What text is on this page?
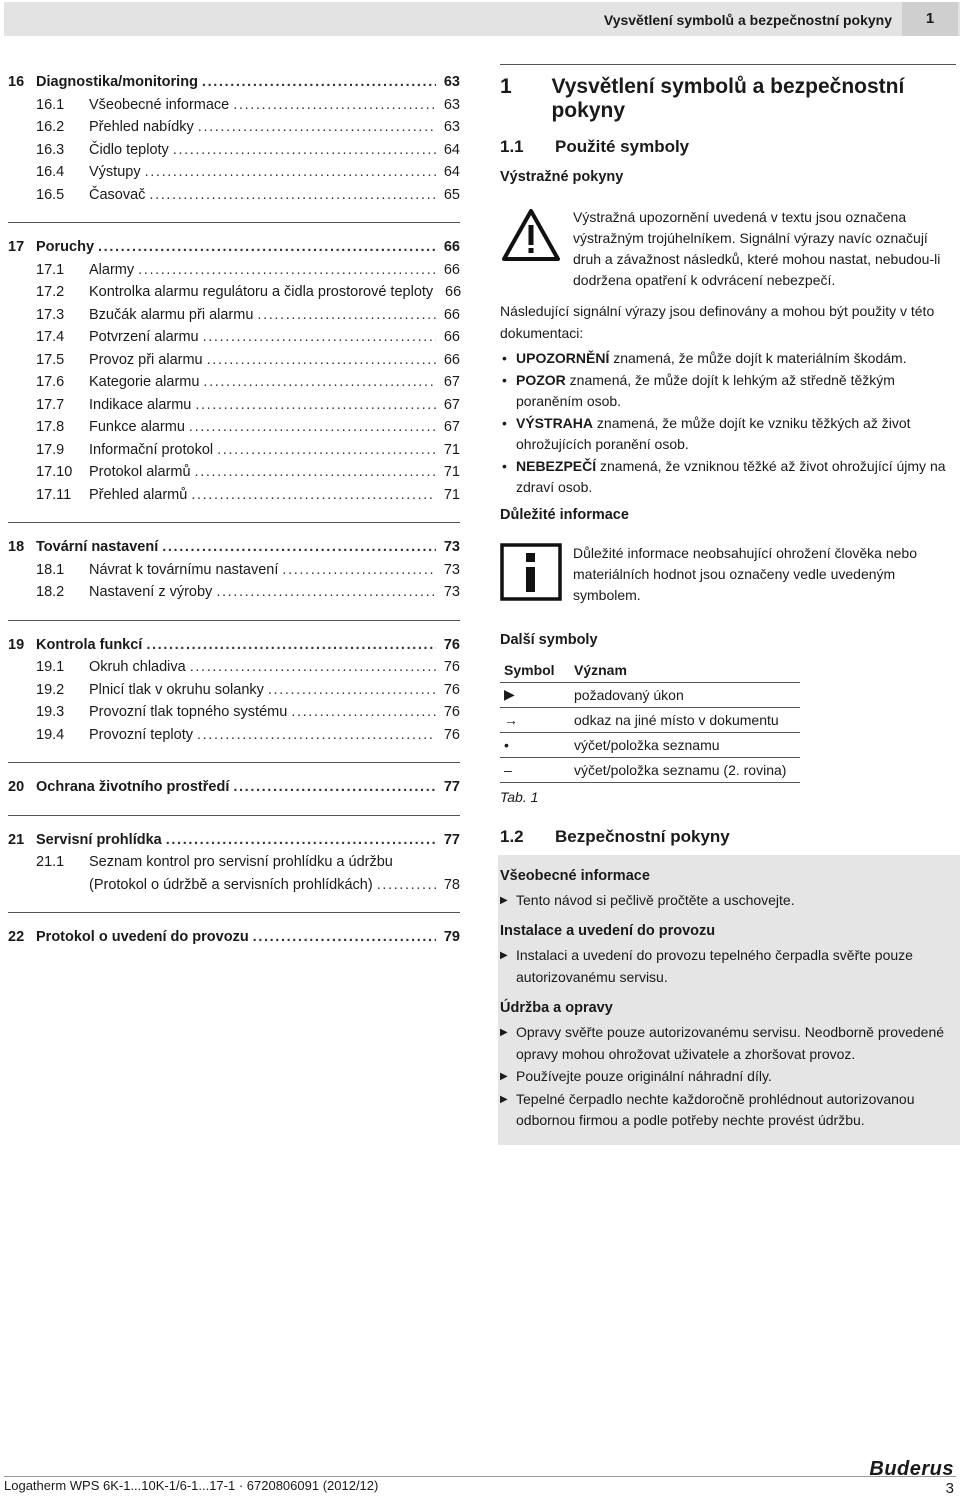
Vysvětlení symbolů a bezpečnostní pokyny	1
16 Diagnostika/monitoring . . .	63
16.1	Všeobecné informace . . .	63
16.2	Přehled nabídky . . .	63
16.3	Čidlo teploty . . .	64
16.4	Výstupy . . .	64
16.5	Časovač . . .	65
17 Poruchy . . .	66
17.1	Alarmy . . .	66
17.2	Kontrolka alarmu regulátoru a čidla prostorové teploty 66
17.3	Bzučák alarmu při alarmu . . .	66
17.4	Potvrzení alarmu . . .	66
17.5	Provoz při alarmu . . .	66
17.6	Kategorie alarmu . . .	67
17.7	Indikace alarmu . . .	67
17.8	Funkce alarmu . . .	67
17.9	Informační protokol . . .	71
17.10	Protokol alarmů . . .	71
17.11	Přehled alarmů . . .	71
18 Tovární nastavení . . .	73
18.1	Návrat k továrnímu nastavení . . .	73
18.2	Nastavení z výroby . . .	73
19 Kontrola funkcí . . .	76
19.1	Okruh chladiva . . .	76
19.2	Plnicí tlak v okruhu solanky . . .	76
19.3	Provozní tlak topného systému . . .	76
19.4	Provozní teploty . . .	76
20 Ochrana životního prostředí . . .	77
21 Servisní prohlídka . . .	77
21.1	Seznam kontrol pro servisní prohlídku a údržbu
(Protokol o údržbě a servisních prohlídkách) . . .	78
22 Protokol o uvedení do provozu . . .	79
1	Vysvětlení symbolů a bezpečnostní pokyny
1.1	Použité symboly
Výstražné pokyny
Výstražná upozornění uvedená v textu jsou označena výstražným trojúhelníkem. Signální výrazy navíc označují druh a závažnost následků, které mohou nastat, nebudou-li dodržena opatření k odvrácení nebezpečí.
Následující signální výrazy jsou definovány a mohou být použity v této dokumentaci:
• UPOZORNĚNÍ znamená, že může dojít k materiálním škodám.
• POZOR znamená, že může dojít k lehkým až středně těžkým poraněním osob.
• VÝSTRAHA znamená, že může dojít ke vzniku těžkých až život ohrožujících poranění osob.
• NEBEZPEČÍ znamená, že vzniknou těžké až život ohrožující újmy na zdraví osob.
Důležité informace
Důležité informace neobsahující ohrožení člověka nebo materiálních hodnot jsou označeny vedle uvedeným symbolem.
Další symboly
Symbol	Význam
▶	požadovaný úkon
→	odkaz na jiné místo v dokumentu
•	výčet/položka seznamu
–	výčet/položka seznamu (2. rovina)
Tab. 1
1.2	Bezpečnostní pokyny
Všeobecné informace
▶ Tento návod si pečlivě pročtěte a uschovejte.
Instalace a uvedení do provozu
▶ Instalaci a uvedení do provozu tepelného čerpadla svěřte pouze autorizovanému servisu.
Údržba a opravy
▶ Opravy svěřte pouze autorizovanému servisu. Neodborně provedené opravy mohou ohrožovat uživatele a zhoršovat provoz.
▶ Používejte pouze originální náhradní díly.
▶ Tepelné čerpadlo nechte každoročně prohlédnout autorizovanou odbornou firmou a podle potřeby nechte provést údržbu.
Logatherm WPS 6K-1...10K-1/6-1...17-1 · 6720806091 (2012/12)
Buderus
3
